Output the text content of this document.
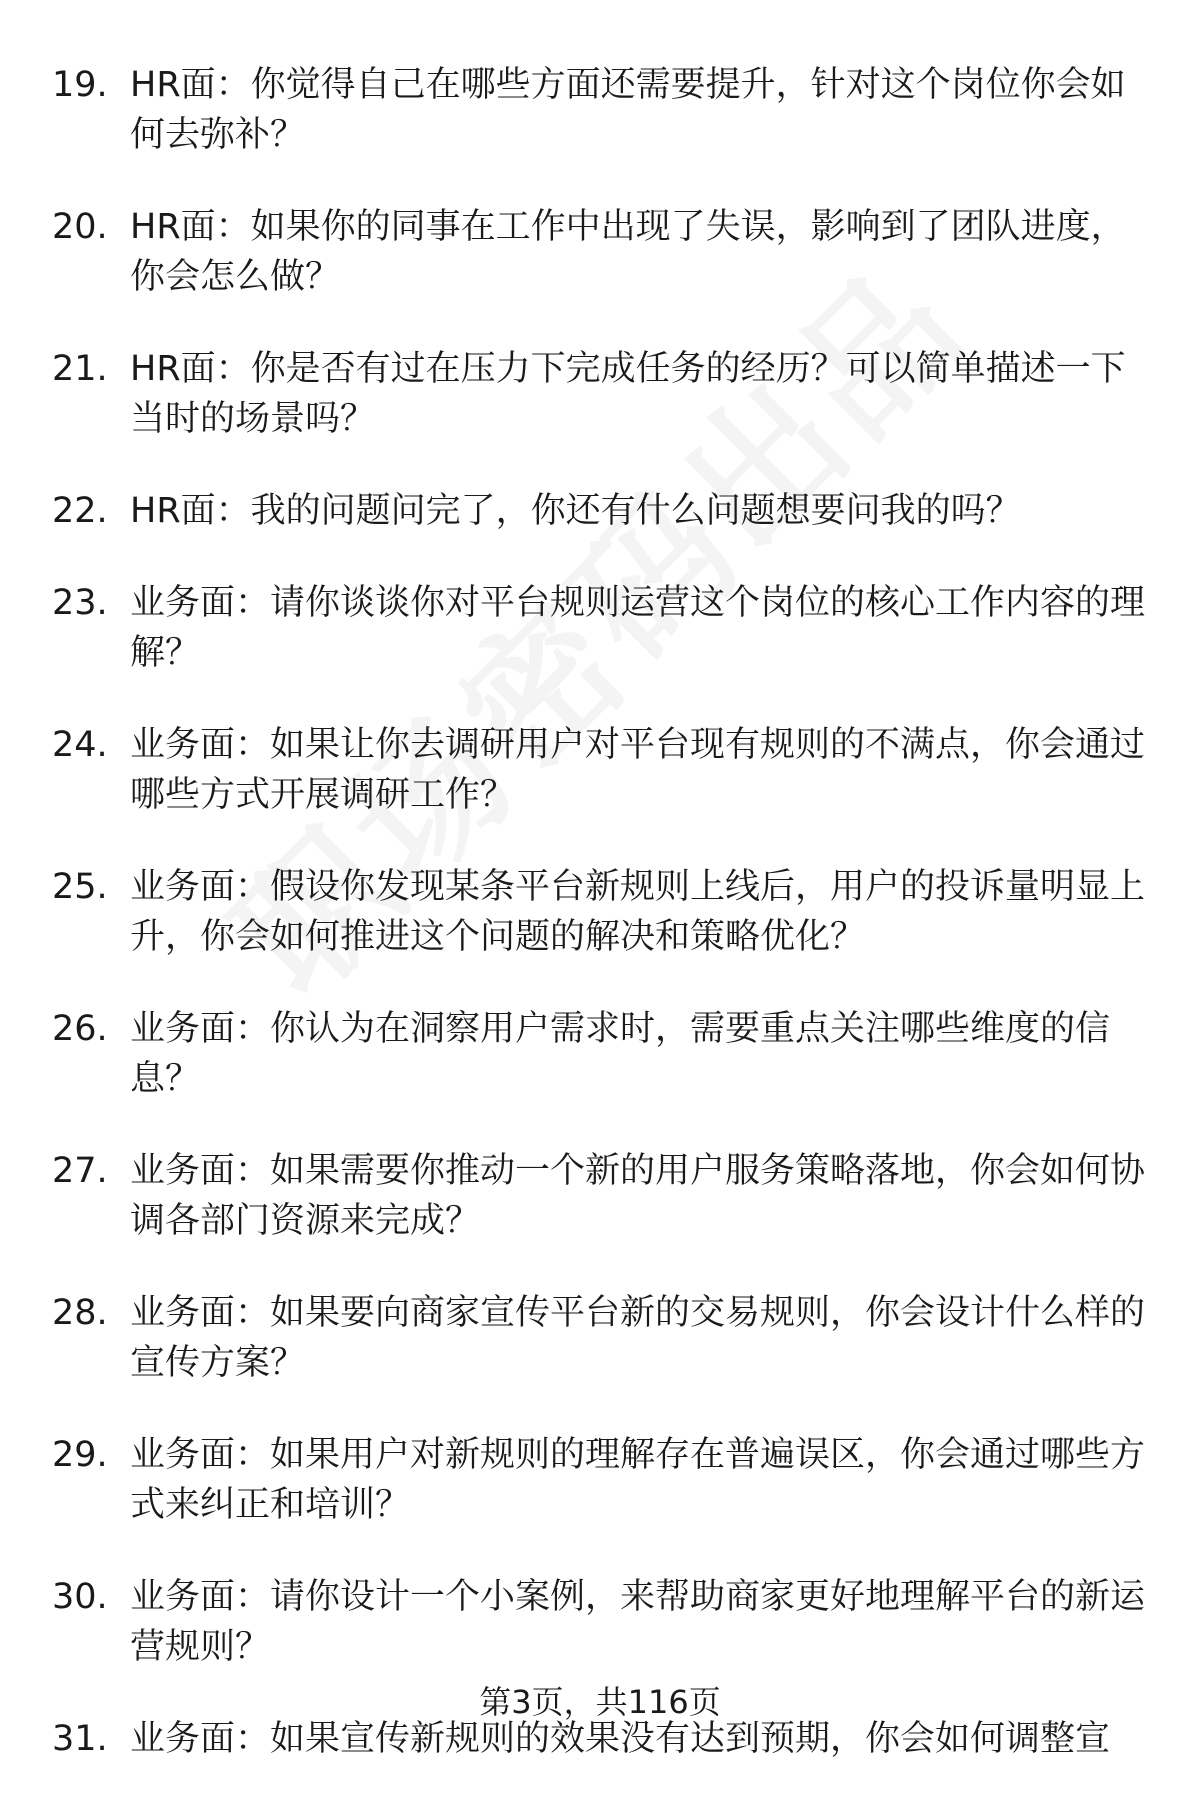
19. HR面：你觉得自己在哪些方面还需要提升，针对这个岗位你会如何去弥补？
20. HR面：如果你的同事在工作中出现了失误，影响到了团队进度，你会怎么做？
21. HR面：你是否有过在压力下完成任务的经历？可以简单描述一下当时的场景吗？
22. HR面：我的问题问完了，你还有什么问题想要问我的吗？
23. 业务面：请你谈谈你对平台规则运营这个岗位的核心工作内容的理解？
24. 业务面：如果让你去调研用户对平台现有规则的不满点，你会通过哪些方式开展调研工作？
25. 业务面：假设你发现某条平台新规则上线后，用户的投诉量明显上升，你会如何推进这个问题的解决和策略优化？
26. 业务面：你认为在洞察用户需求时，需要重点关注哪些维度的信息？
27. 业务面：如果需要你推动一个新的用户服务策略落地，你会如何协调各部门资源来完成？
28. 业务面：如果要向商家宣传平台新的交易规则，你会设计什么样的宣传方案？
29. 业务面：如果用户对新规则的理解存在普遍误区，你会通过哪些方式来纠正和培训？
30. 业务面：请你设计一个小案例，来帮助商家更好地理解平台的新运营规则？
31. 业务面：如果宣传新规则的效果没有达到预期，你会如何调整宣
第3页，共116页
